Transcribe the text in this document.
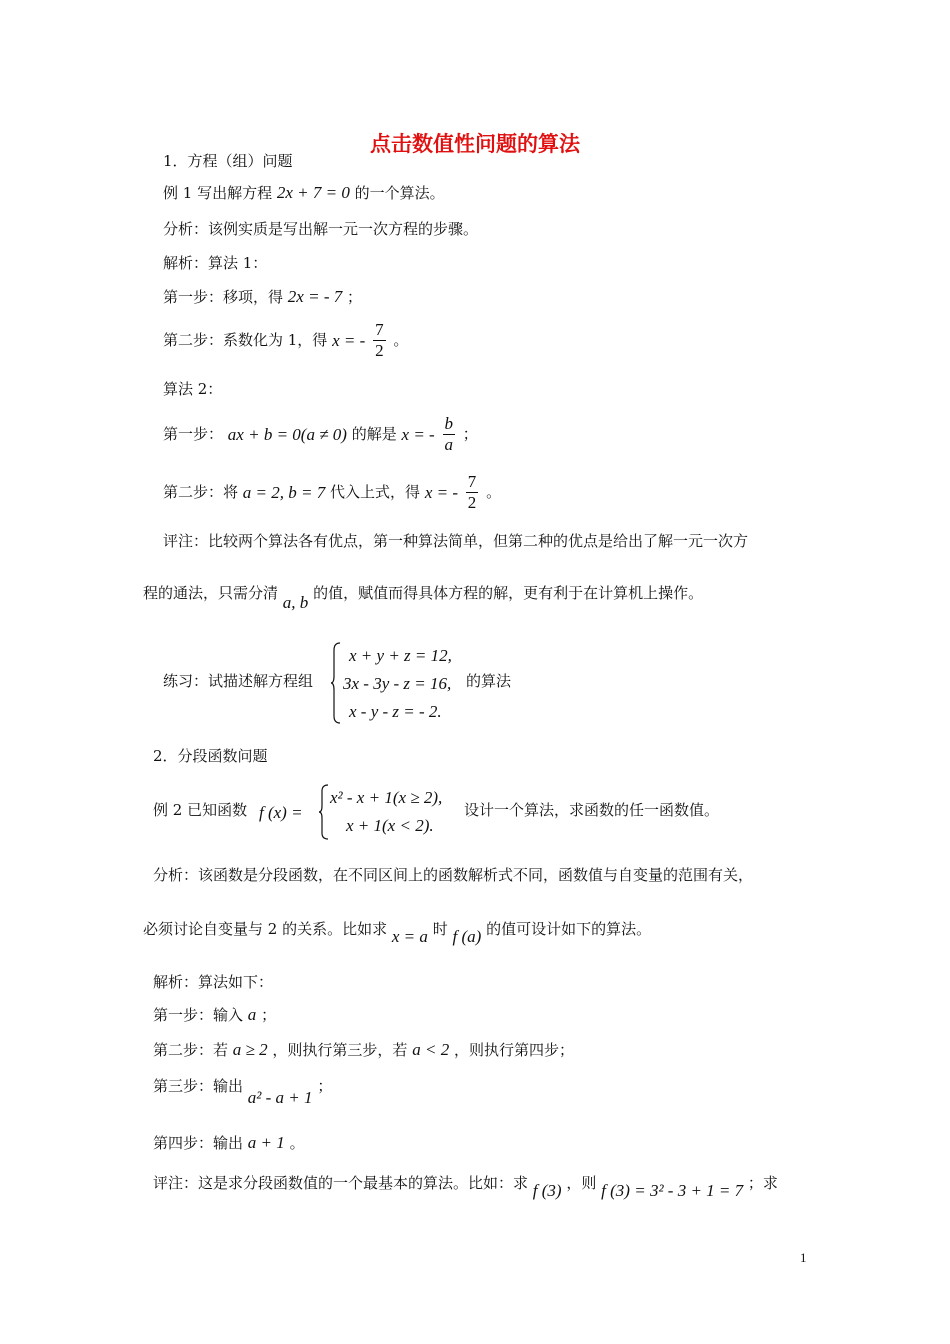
点击数值性问题的算法
1．方程（组）问题
例 1 写出解方程 2x + 7 = 0 的一个算法。
分析：该例实质是写出解一元一次方程的步骤。
解析：算法 1：
第一步：移项，得 2x = - 7 ；
第二步：系数化为 1，得 x = - $\frac{7}{2}$ 。
算法 2：
第一步： ax + b = 0(a ≠ 0) 的解是 x = - $\frac{b}{a}$ ；
第二步：将 a = 2, b = 7 代入上式，得 x = - $\frac{7}{2}$ 。
评注：比较两个算法各有优点，第一种算法简单，但第二种的优点是给出了解一元一次方
程的通法，只需分清 a, b 的值，赋值而得具体方程的解，更有利于在计算机上操作。
练习：试描述解方程组
x + y + z = 12,
3x - 3y - z = 16,
x - y - z = - 2.
的算法
2．分段函数问题
例 2 已知函数 f (x) =
x² - x + 1(x ≥ 2),
x + 1(x < 2).
设计一个算法，求函数的任一函数值。
分析：该函数是分段函数，在不同区间上的函数解析式不同，函数值与自变量的范围有关，
必须讨论自变量与 2 的关系。比如求 x = a 时 f (a) 的值可设计如下的算法。
解析：算法如下：
第一步：输入 a ；
第二步：若 a ≥ 2 ，则执行第三步，若 a < 2 ，则执行第四步；
第三步：输出 a² - a + 1 ；
第四步：输出 a + 1 。
评注：这是求分段函数值的一个最基本的算法。比如：求 f (3) ，则 f (3) = 3² - 3 + 1 = 7 ；求
1
